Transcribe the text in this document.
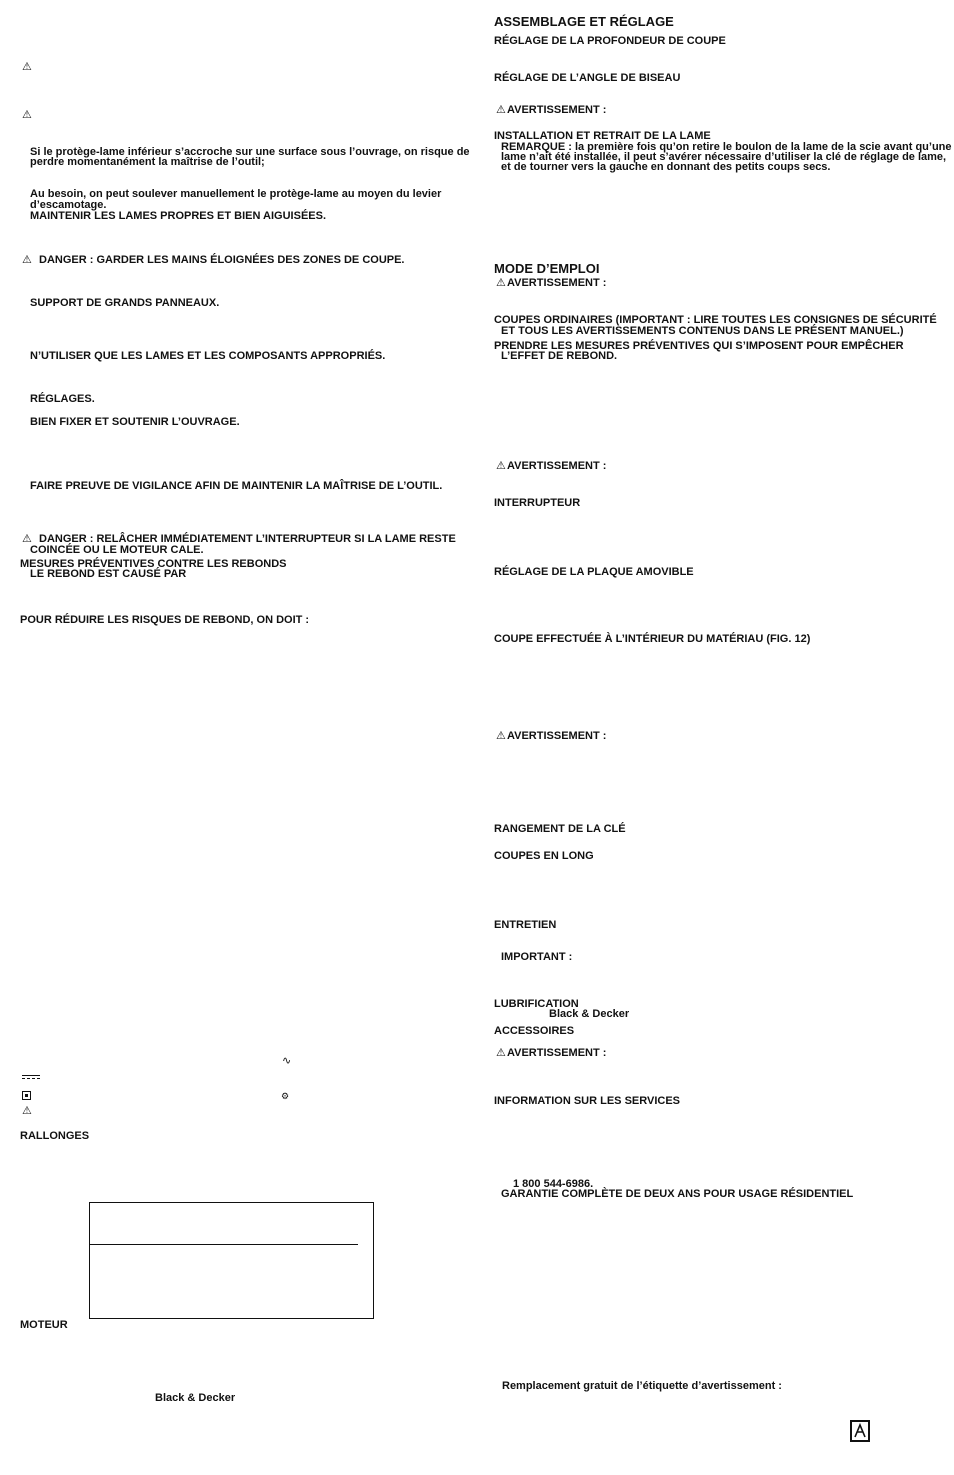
⚠
⚠

Si le protège-lame inférieur s’accroche sur une surface sous l’ouvrage, on risque de

perdre momentanément la maîtrise de l’outil;

Au besoin, on peut soulever manuellement le protège-lame au moyen du levier

d’escamotage.

MAINTENIR LES LAMES PROPRES ET BIEN AIGUISÉES.

⚠ DANGER : GARDER LES MAINS ÉLOIGNÉES DES ZONES DE COUPE.

SUPPORT DE GRANDS PANNEAUX.

N’UTILISER QUE LES LAMES ET LES COMPOSANTS APPROPRIÉS.

RÉGLAGES.

BIEN FIXER ET SOUTENIR L’OUVRAGE.

FAIRE PREUVE DE VIGILANCE AFIN DE MAINTENIR LA MAÎTRISE DE L’OUTIL.

⚠ DANGER : RELÂCHER IMMÉDIATEMENT L’INTERRUPTEUR SI LA LAME RESTE

COINCÉE OU LE MOTEUR CALE.

MESURES PRÉVENTIVES CONTRE LES REBONDS

LE REBOND EST CAUSÉ PAR

POUR RÉDUIRE LES RISQUES DE REBOND, ON DOIT :

∿
⚙
⚠

RALLONGES

MOTEUR

Black & Decker

ASSEMBLAGE ET RÉGLAGE

RÉGLAGE DE LA PROFONDEUR DE COUPE

RÉGLAGE DE L’ANGLE DE BISEAU

⚠ AVERTISSEMENT :

INSTALLATION ET RETRAIT DE LA LAME

REMARQUE : la première fois qu’on retire le boulon de la lame de la scie avant qu’une

lame n’ait été installée, il peut s’avérer nécessaire d’utiliser la clé de réglage de lame,

et de tourner vers la gauche en donnant des petits coups secs.

MODE D’EMPLOI

⚠ AVERTISSEMENT :

COUPES ORDINAIRES (IMPORTANT : LIRE TOUTES LES CONSIGNES DE SÉCURITÉ

ET TOUS LES AVERTISSEMENTS CONTENUS DANS LE PRÉSENT MANUEL.)

PRENDRE LES MESURES PRÉVENTIVES QUI S’IMPOSENT POUR EMPÊCHER

L’EFFET DE REBOND.

⚠ AVERTISSEMENT :

INTERRUPTEUR

RÉGLAGE DE LA PLAQUE AMOVIBLE

COUPE EFFECTUÉE À L’INTÉRIEUR DU MATÉRIAU (FIG. 12)

⚠ AVERTISSEMENT :

RANGEMENT DE LA CLÉ

COUPES EN LONG

ENTRETIEN

IMPORTANT :

LUBRIFICATION

Black & Decker

ACCESSOIRES

⚠ AVERTISSEMENT :

INFORMATION SUR LES SERVICES

1 800 544-6986.

GARANTIE COMPLÈTE DE DEUX ANS POUR USAGE RÉSIDENTIEL

Remplacement gratuit de l’étiquette d’avertissement :
